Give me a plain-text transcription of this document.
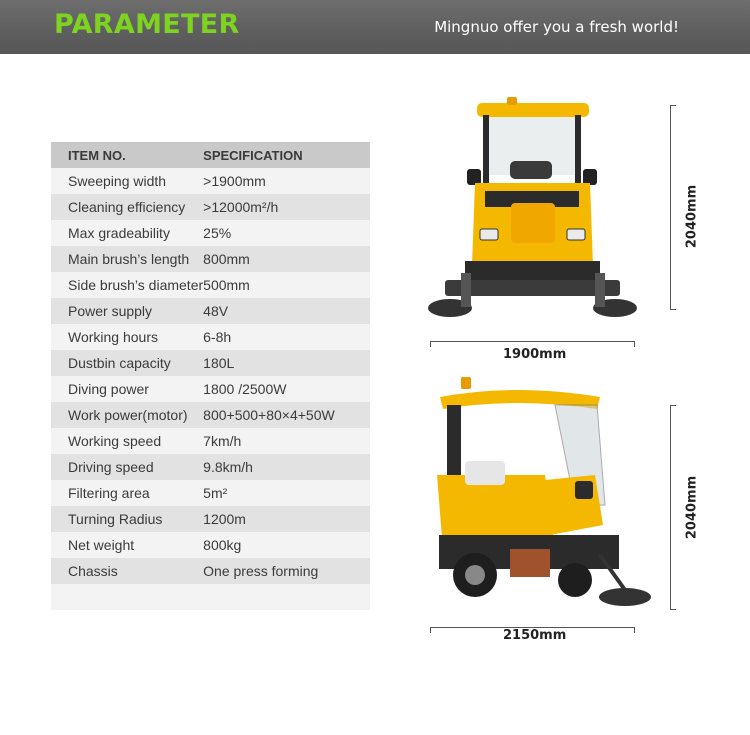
PARAMETER	Mingnuo offer you a fresh world!
ITEM NO.	SPECIFICATION
Sweeping width	>1900mm
Cleaning efficiency	>12000m²/h
Max gradeability	25%
Main brush’s length	800mm
Side brush’s diameter	500mm
Power supply	48V
Working hours	6-8h
Dustbin capacity	180L
Diving power	1800 /2500W
Work power(motor)	800+500+80×4+50W
Working speed	7km/h
Driving speed	9.8km/h
Filtering area	5m²
Turning Radius	1200m
Net weight	800kg
Chassis	One press forming

2040mm
1900mm
2040mm
2150mm
